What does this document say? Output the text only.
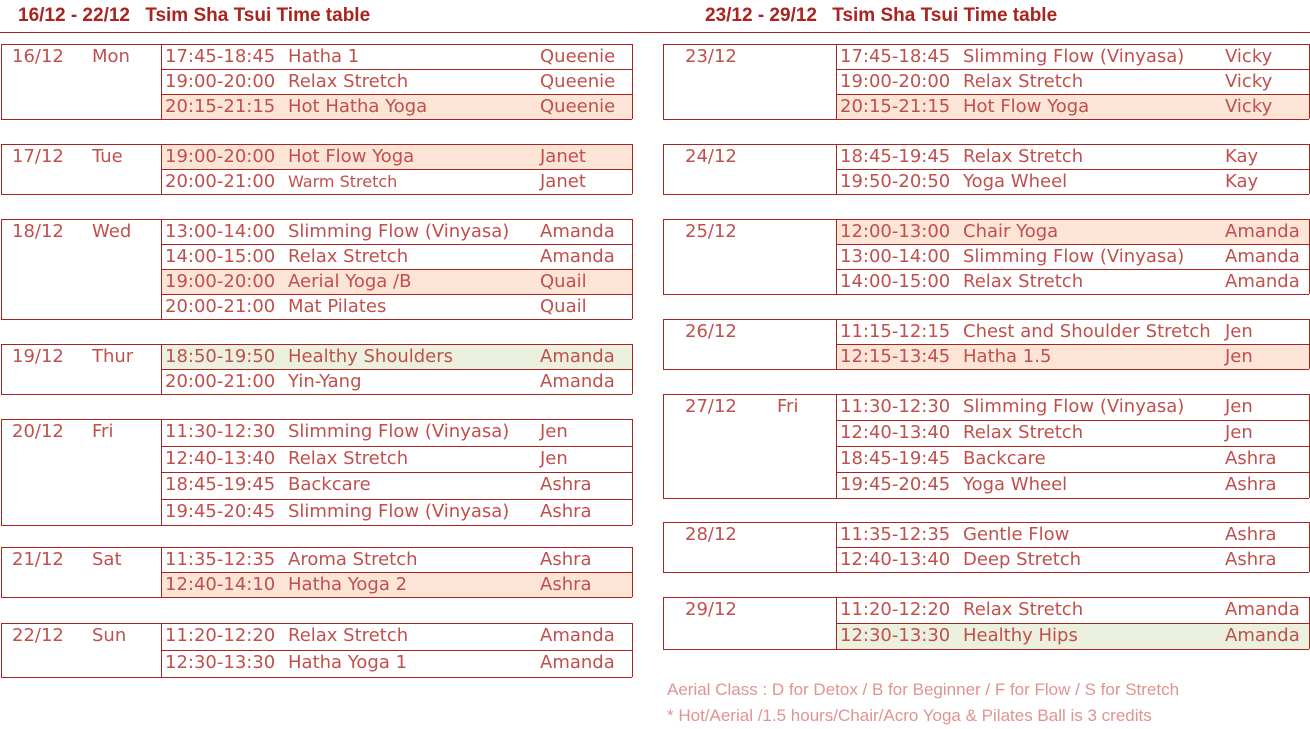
16/12 - 22/12 Tsim Sha Tsui Time table	23/12 - 29/12 Tsim Sha Tsui Time table
16/12 Mon 17:45-18:45 Hatha 1	Queenie
19:00-20:00 Relax Stretch	Queenie
20:15-21:15 Hot Hatha Yoga	Queenie
17/12 Tue 19:00-20:00 Hot Flow Yoga	Janet
20:00-21:00 Warm Stretch	Janet
18/12 Wed 13:00-14:00 Slimming Flow (Vinyasa) Amanda
14:00-15:00 Relax Stretch	Amanda
19:00-20:00 Aerial Yoga /B	Quail
20:00-21:00 Mat Pilates	Quail
19/12 Thur 18:50-19:50 Healthy Shoulders	Amanda
20:00-21:00 Yin-Yang	Amanda
20/12 Fri	11:30-12:30 Slimming Flow (Vinyasa) Jen
12:40-13:40 Relax Stretch	Jen
18:45-19:45 Backcare	Ashra
19:45-20:45 Slimming Flow (Vinyasa) Ashra
21/12 Sat 11:35-12:35 Aroma Stretch	Ashra
12:40-14:10 Hatha Yoga 2	Ashra
22/12 Sun 11:20-12:20 Relax Stretch	Amanda
12:30-13:30 Hatha Yoga 1	Amanda
23/12	17:45-18:45 Slimming Flow (Vinyasa) Vicky
19:00-20:00 Relax Stretch	Vicky
20:15-21:15 Hot Flow Yoga	Vicky
24/12	18:45-19:45 Relax Stretch	Kay
19:50-20:50 Yoga Wheel	Kay
25/12	12:00-13:00 Chair Yoga	Amanda
13:00-14:00 Slimming Flow (Vinyasa) Amanda
14:00-15:00 Relax Stretch	Amanda
26/12	11:15-12:15 Chest and Shoulder Stretch Jen
12:15-13:45 Hatha 1.5	Jen
27/12 Fri 11:30-12:30 Slimming Flow (Vinyasa) Jen
12:40-13:40 Relax Stretch	Jen
18:45-19:45 Backcare	Ashra
19:45-20:45 Yoga Wheel	Ashra
28/12	11:35-12:35 Gentle Flow	Ashra
12:40-13:40 Deep Stretch	Ashra
29/12	11:20-12:20 Relax Stretch	Amanda
12:30-13:30 Healthy Hips	Amanda
Aerial Class : D for Detox / B for Beginner / F for Flow / S for Stretch
* Hot/Aerial /1.5 hours/Chair/Acro Yoga & Pilates Ball is 3 credits
